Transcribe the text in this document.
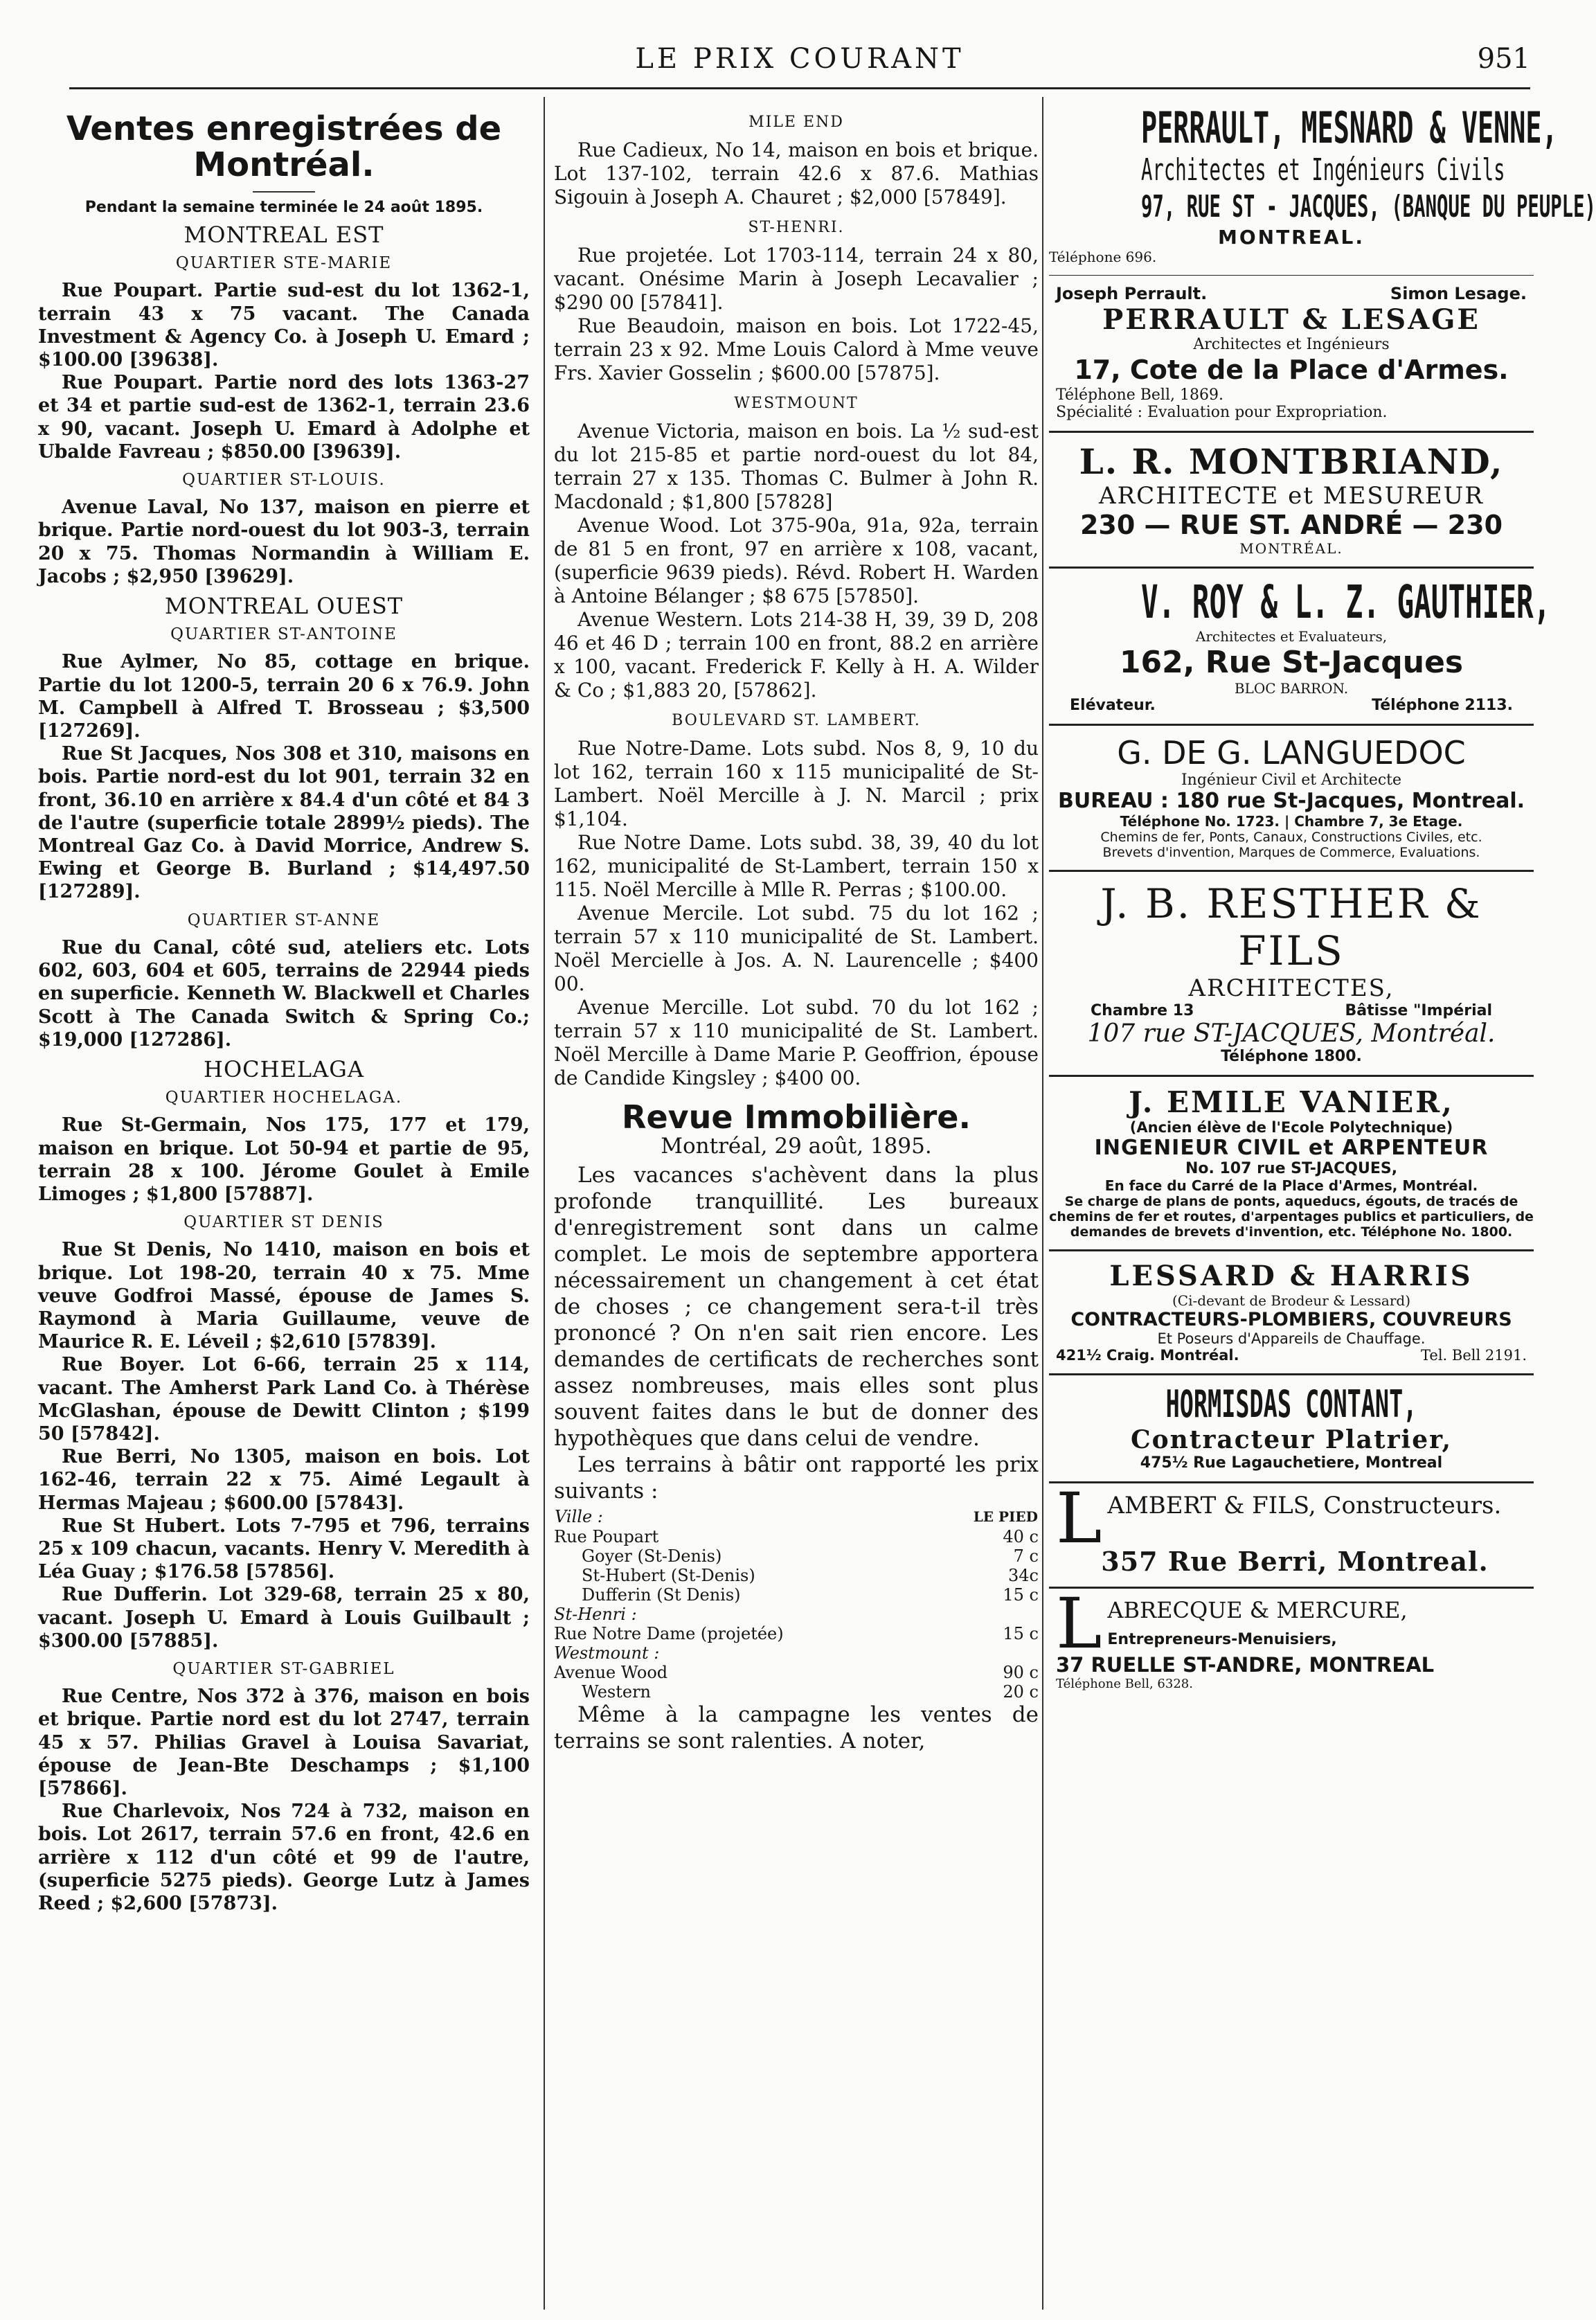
LE PRIX COURANT	951
Ventes enregistrées de Montréal.
Pendant la semaine terminée le 24 août 1895.
MONTREAL EST
QUARTIER STE-MARIE

Rue Poupart. Partie sud-est du lot 1362-1, terrain 43 x 75 vacant. The Canada Investment & Agency Co. à Joseph U. Emard ; $100.00 [39638].

Rue Poupart. Partie nord des lots 1363-27 et 34 et partie sud-est de 1362-1, terrain 23.6 x 90, vacant. Joseph U. Emard à Adolphe et Ubalde Favreau ; $850.00 [39639].

QUARTIER ST-LOUIS.

Avenue Laval, No 137, maison en pierre et brique. Partie nord-ouest du lot 903-3, terrain 20 x 75. Thomas Normandin à William E. Jacobs ; $2,950 [39629].

MONTREAL OUEST
QUARTIER ST-ANTOINE

Rue Aylmer, No 85, cottage en brique. Partie du lot 1200-5, terrain 20 6 x 76.9. John M. Campbell à Alfred T. Brosseau ; $3,500 [127269].

Rue St Jacques, Nos 308 et 310, maisons en bois. Partie nord-est du lot 901, terrain 32 en front, 36.10 en arrière x 84.4 d'un côté et 84 3 de l'autre (superficie totale 2899½ pieds). The Montreal Gaz Co. à David Morrice, Andrew S. Ewing et George B. Burland ; $14,497.50 [127289].

QUARTIER ST-ANNE

Rue du Canal, côté sud, ateliers etc. Lots 602, 603, 604 et 605, terrains de 22944 pieds en superficie. Kenneth W. Blackwell et Charles Scott à The Canada Switch & Spring Co.; $19,000 [127286].

HOCHELAGA
QUARTIER HOCHELAGA.

Rue St-Germain, Nos 175, 177 et 179, maison en brique. Lot 50-94 et partie de 95, terrain 28 x 100. Jérome Goulet à Emile Limoges ; $1,800 [57887].

QUARTIER ST DENIS

Rue St Denis, No 1410, maison en bois et brique. Lot 198-20, terrain 40 x 75. Mme veuve Godfroi Massé, épouse de James S. Raymond à Maria Guillaume, veuve de Maurice R. E. Léveil ; $2,610 [57839].

Rue Boyer. Lot 6-66, terrain 25 x 114, vacant. The Amherst Park Land Co. à Thérèse McGlashan, épouse de Dewitt Clinton ; $199 50 [57842].

Rue Berri, No 1305, maison en bois. Lot 162-46, terrain 22 x 75. Aimé Legault à Hermas Majeau ; $600.00 [57843].

Rue St Hubert. Lots 7-795 et 796, terrains 25 x 109 chacun, vacants. Henry V. Meredith à Léa Guay ; $176.58 [57856].

Rue Dufferin. Lot 329-68, terrain 25 x 80, vacant. Joseph U. Emard à Louis Guilbault ; $300.00 [57885].

QUARTIER ST-GABRIEL

Rue Centre, Nos 372 à 376, maison en bois et brique. Partie nord est du lot 2747, terrain 45 x 57. Philias Gravel à Louisa Savariat, épouse de Jean-Bte Deschamps ; $1,100 [57866].

Rue Charlevoix, Nos 724 à 732, maison en bois. Lot 2617, terrain 57.6 en front, 42.6 en arrière x 112 d'un côté et 99 de l'autre, (superficie 5275 pieds). George Lutz à James Reed ; $2,600 [57873].

MILE END

Rue Cadieux, No 14, maison en bois et brique. Lot 137-102, terrain 42.6 x 87.6. Mathias Sigouin à Joseph A. Chauret ; $2,000 [57849].

ST-HENRI.

Rue projetée. Lot 1703-114, terrain 24 x 80, vacant. Onésime Marin à Joseph Lecavalier ; $290 00 [57841].

Rue Beaudoin, maison en bois. Lot 1722-45, terrain 23 x 92. Mme Louis Calord à Mme veuve Frs. Xavier Gosselin ; $600.00 [57875].

WESTMOUNT

Avenue Victoria, maison en bois. La ½ sud-est du lot 215-85 et partie nord-ouest du lot 84, terrain 27 x 135. Thomas C. Bulmer à John R. Macdonald ; $1,800 [57828]

Avenue Wood. Lot 375-90a, 91a, 92a, terrain de 81 5 en front, 97 en arrière x 108, vacant, (superficie 9639 pieds). Révd. Robert H. Warden à Antoine Bélanger ; $8 675 [57850].

Avenue Western. Lots 214-38 H, 39, 39 D, 208 46 et 46 D ; terrain 100 en front, 88.2 en arrière x 100, vacant. Frederick F. Kelly à H. A. Wilder & Co ; $1,883 20, [57862].

BOULEVARD ST. LAMBERT.

Rue Notre-Dame. Lots subd. Nos 8, 9, 10 du lot 162, terrain 160 x 115 municipalité de St-Lambert. Noël Mercille à J. N. Marcil ; prix $1,104.

Rue Notre Dame. Lots subd. 38, 39, 40 du lot 162, municipalité de St-Lambert, terrain 150 x 115. Noël Mercille à Mlle R. Perras ; $100.00.

Avenue Mercile. Lot subd. 75 du lot 162 ; terrain 57 x 110 municipalité de St. Lambert. Noël Mercielle à Jos. A. N. Laurencelle ; $400 00.

Avenue Mercille. Lot subd. 70 du lot 162 ; terrain 57 x 110 municipalité de St. Lambert. Noël Mercille à Dame Marie P. Geoffrion, épouse de Candide Kingsley ; $400 00.

Revue Immobilière.
Montréal, 29 août, 1895.

Les vacances s'achèvent dans la plus profonde tranquillité. Les bureaux d'enregistrement sont dans un calme complet. Le mois de septembre apportera nécessairement un changement à cet état de choses ; ce changement sera-t-il très prononcé ? On n'en sait rien encore. Les demandes de certificats de recherches sont assez nombreuses, mais elles sont plus souvent faites dans le but de donner des hypothèques que dans celui de vendre.

Les terrains à bâtir ont rapporté les prix suivants :

Ville :	LE PIED
Rue Poupart	40 c
Goyer (St-Denis)	7 c
St-Hubert (St-Denis)	34c
Dufferin (St Denis)	15 c
St-Henri :	
Rue Notre Dame (projetée)	15 c
Westmount :	
Avenue Wood	90 c
Western	20 c

Même à la campagne les ventes de terrains se sont ralenties. A noter,

PERRAULT, MESNARD & VENNE,
Architectes et Ingénieurs Civils
97, RUE ST - JACQUES, (BANQUE DU PEUPLE)
MONTREAL.
Téléphone 696.
Joseph Perrault.	Simon Lesage.
PERRAULT & LESAGE
Architectes et Ingénieurs
17, Cote de la Place d'Armes.
Téléphone Bell, 1869.
Spécialité : Evaluation pour Expropriation.
L. R. MONTBRIAND,
ARCHITECTE et MESUREUR
230 — RUE ST. ANDRÉ — 230
MONTRÉAL.
V. ROY & L. Z. GAUTHIER,
Architectes et Evaluateurs,
162, Rue St-Jacques
BLOC BARRON.
Elévateur.	Téléphone 2113.
G. DE G. LANGUEDOC
Ingénieur Civil et Architecte
BUREAU : 180 rue St-Jacques, Montreal.
Téléphone No. 1723. | Chambre 7, 3e Etage.
Chemins de fer, Ponts, Canaux, Constructions Civiles, etc. Brevets d'invention, Marques de Commerce, Evaluations.
J. B. RESTHER & FILS
ARCHITECTES,
Chambre 13	Bâtisse "Impérial
107 rue ST-JACQUES, Montréal.
Téléphone 1800.
J. EMILE VANIER,
(Ancien élève de l'Ecole Polytechnique)
INGENIEUR CIVIL et ARPENTEUR
No. 107 rue ST-JACQUES,
En face du Carré de la Place d'Armes, Montréal.
Se charge de plans de ponts, aqueducs, égouts, de tracés de chemins de fer et routes, d'arpentages publics et particuliers, de demandes de brevets d'invention, etc. Téléphone No. 1800.
LESSARD & HARRIS
(Ci-devant de Brodeur & Lessard)
CONTRACTEURS-PLOMBIERS, COUVREURS
Et Poseurs d'Appareils de Chauffage.
421½ Craig. Montréal.	Tel. Bell 2191.
HORMISDAS CONTANT,
Contracteur Platrier,
475½ Rue Lagauchetiere, Montreal
L AMBERT & FILS, Constructeurs.
357 Rue Berri, Montreal.
L ABRECQUE & MERCURE,
Entrepreneurs-Menuisiers,
37 RUELLE ST-ANDRE, MONTREAL
Téléphone Bell, 6328.
